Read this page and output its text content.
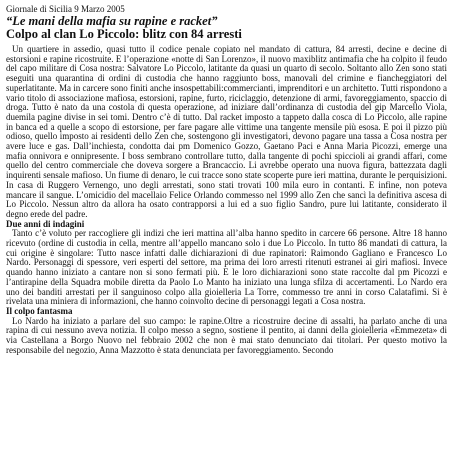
Giornale di Sicilia 9 Marzo 2005
“Le mani della mafia su rapine e racket”
Colpo al clan Lo Piccolo: blitz con 84 arresti

Un quartiere in assedio, quasi tutto il codice penale copiato nel mandato di cattura, 84 arresti, decine e decine di estorsioni e rapine ricostruite. E l’operazione «notte di San Lorenzo», il nuovo maxiblitz antimafia che ha colpito il feudo del capo militare di Cosa nostra: Salvatore Lo Piccolo, latitante da quasi un quarto di secolo. Soltanto allo Zen sono stati eseguiti una quarantina di ordini di custodia che hanno raggiunto boss, manovali del crimine e fiancheggiatori del superlatitante. Ma in carcere sono finiti anche insospettabili:commercianti, imprenditori e un architetto. Tutti rispondono a vario titolo di associazione mafiosa, estorsioni, rapine, furto, riciclaggio, detenzione di armi, favoreggiamento, spaccio di droga. Tutto è nato da una costola di questa operazione, ad iniziare dall’ordinanza di custodia del gip Marcello Viola, duemila pagine divise in sei tomi. Dentro c’è di tutto. Dal racket imposto a tappeto dalla cosca di Lo Piccolo, alle rapine in banca ed a quelle a scopo di estorsione, per fare pagare alle vittime una tangente mensile più esosa. E poi il pizzo più odioso, quello imposto ai residenti dello Zen che, sostengono gli investigatori, devono pagare una tassa a Cosa nostra per avere luce e gas. Dall’inchiesta, condotta dai pm Domenico Gozzo, Gaetano Paci e Anna Maria Picozzi, emerge una mafia onnivora e onnipresente. I boss sembrano controllare tutto, dalla tangente di pochi spiccioli ai grandi affari, come quello del centro commerciale che doveva sorgere a Brancaccio. Li avrebbe operato una nuova figura, battezzata dagli inquirenti sensale mafioso. Un fiume di denaro, le cui tracce sono state scoperte pure ieri mattina, durante le perquisizioni. In casa di Ruggero Vernengo, uno degli arrestati, sono stati trovati 100 mila euro in contanti. E infine, non poteva mancare il sangue. L’omicidio del macellaio Felice Orlando commesso nel 1999 allo Zen che sancì la definitiva ascesa di Lo Piccolo. Nessun altro da allora ha osato contrapporsi a lui ed a suo figlio Sandro, pure lui latitante, considerato il degno erede del padre.

Due anni di indagini

Tanto c’è voluto per raccogliere gli indizi che ieri mattina all’alba hanno spedito in carcere 66 persone. Altre 18 hanno ricevuto (ordine di custodia in cella, mentre all’appello mancano solo i due Lo Piccolo. In tutto 86 mandati di cattura, la cui origine è singolare: Tutto nasce infatti dalle dichiarazioni di due rapinatori: Raimondo Gagliano e Francesco Lo Nardo. Personaggi di spessore, veri esperti del settore, ma prima dei loro arresti ritenuti estranei ai giri mafiosi. Invece quando hanno iniziato a cantare non si sono fermati più. E le loro dichiarazioni sono state raccolte dal pm Picozzi e l’antirapine della Squadra mobile diretta da Paolo Lo Manto ha iniziato una lunga sfilza di accertamenti. Lo Nardo era uno dei banditi arrestati per il sanguinoso colpo alla gioielleria La Torre, commesso tre anni in corso Calatafimi. Si è rivelata una miniera di informazioni, che hanno coinvolto decine di personaggi legati a Cosa nostra.

Il colpo fantasma

Lo Nardo ha iniziato a parlare del suo campo: le rapine.Oltre a ricostruire decine di assalti, ha parlato anche di una rapina di cui nessuno aveva notizia. Il colpo messo a segno, sostiene il pentito, ai danni della gioielleria «Emmezeta» di via Castellana a Borgo Nuovo nel febbraio 2002 che non è mai stato denunciato dai titolari. Per questo motivo la responsabile del negozio, Anna Mazzotto è stata denunciata per favoreggiamento. Secondo
